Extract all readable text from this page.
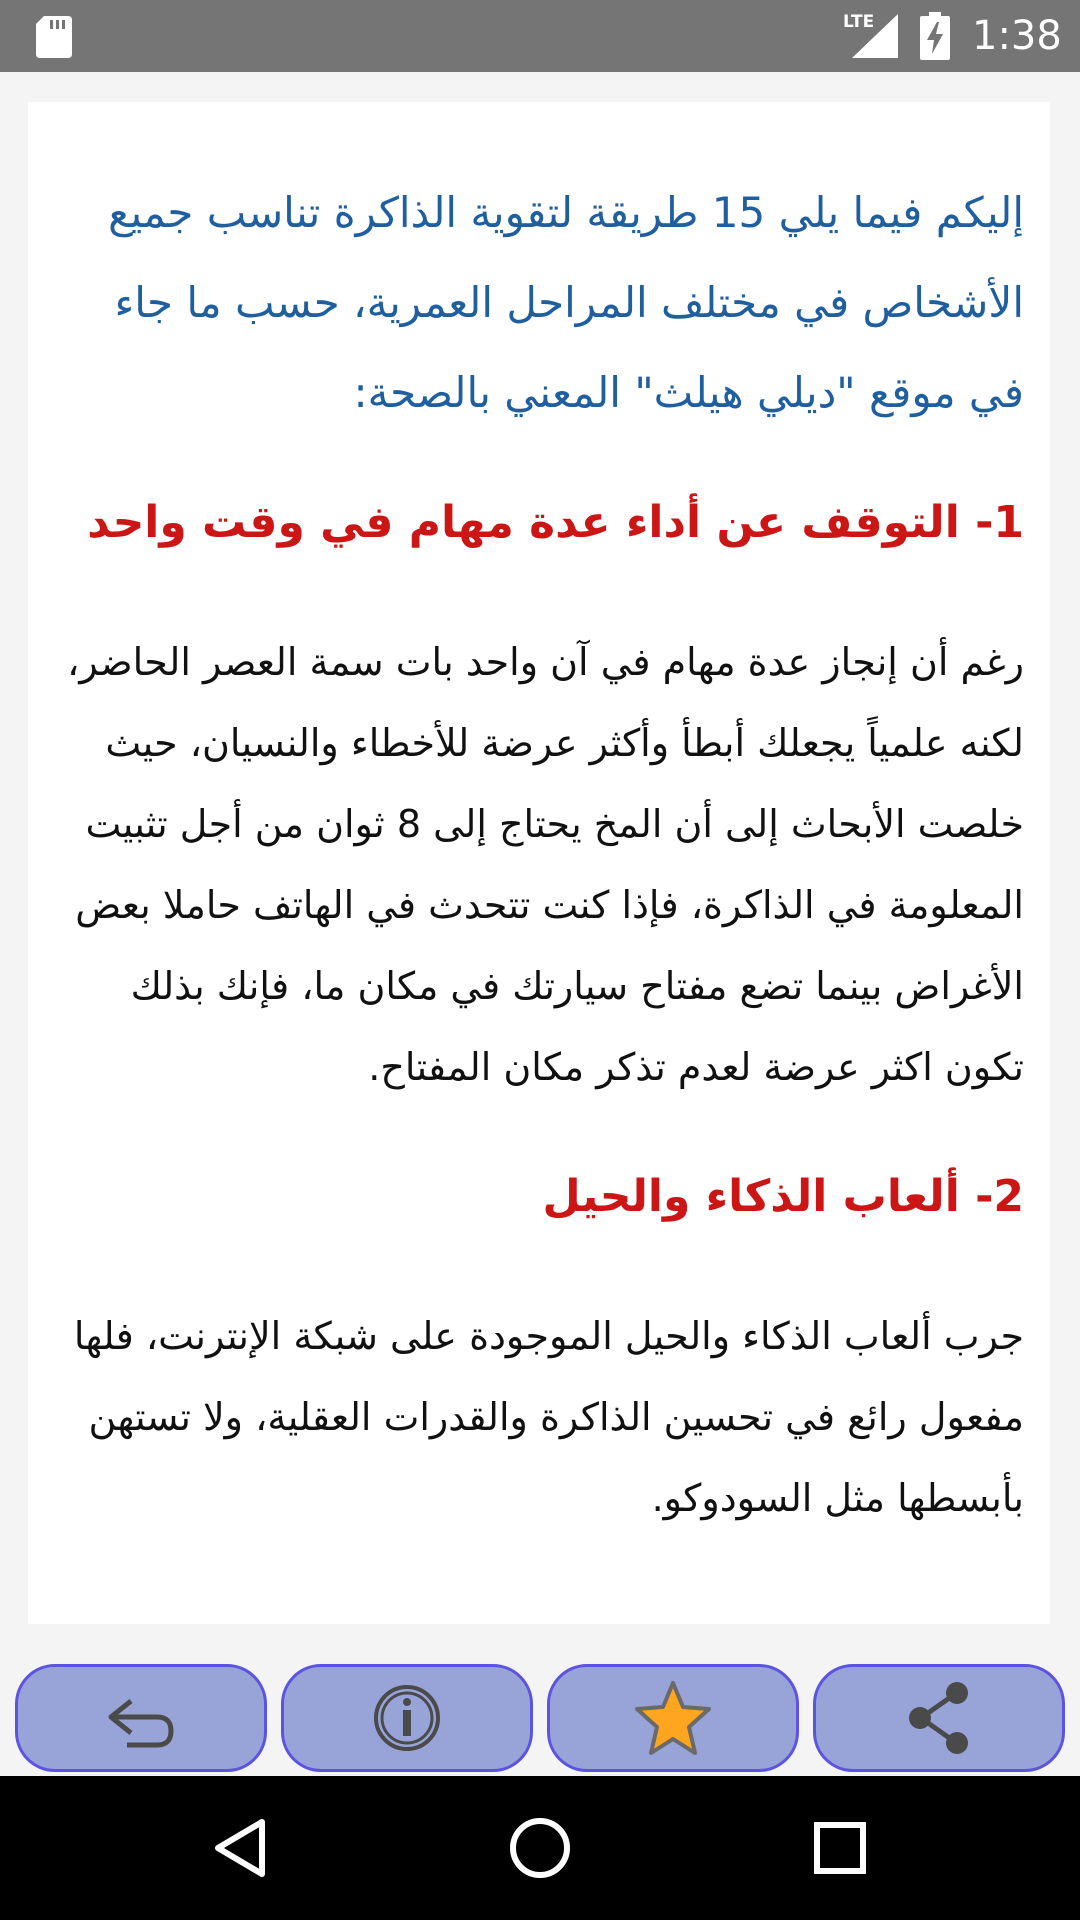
LTE 1:38

إليكم فيما يلي 15 طريقة لتقوية الذاكرة تناسب جميع الأشخاص في مختلف المراحل العمرية، حسب ما جاء في موقع "ديلي هيلث" المعني بالصحة:

1- التوقف عن أداء عدة مهام في وقت واحد

رغم أن إنجاز عدة مهام في آن واحد بات سمة العصر الحاضر، لكنه علمياً يجعلك أبطأ وأكثر عرضة للأخطاء والنسيان، حيث خلصت الأبحاث إلى أن المخ يحتاج إلى 8 ثوان من أجل تثبيت المعلومة في الذاكرة، فإذا كنت تتحدث في الهاتف حاملا بعض الأغراض بينما تضع مفتاح سيارتك في مكان ما، فإنك بذلك تكون اكثر عرضة لعدم تذكر مكان المفتاح.

2- ألعاب الذكاء والحيل

جرب ألعاب الذكاء والحيل الموجودة على شبكة الإنترنت، فلها مفعول رائع في تحسين الذاكرة والقدرات العقلية، ولا تستهن بأبسطها مثل السودوكو.
